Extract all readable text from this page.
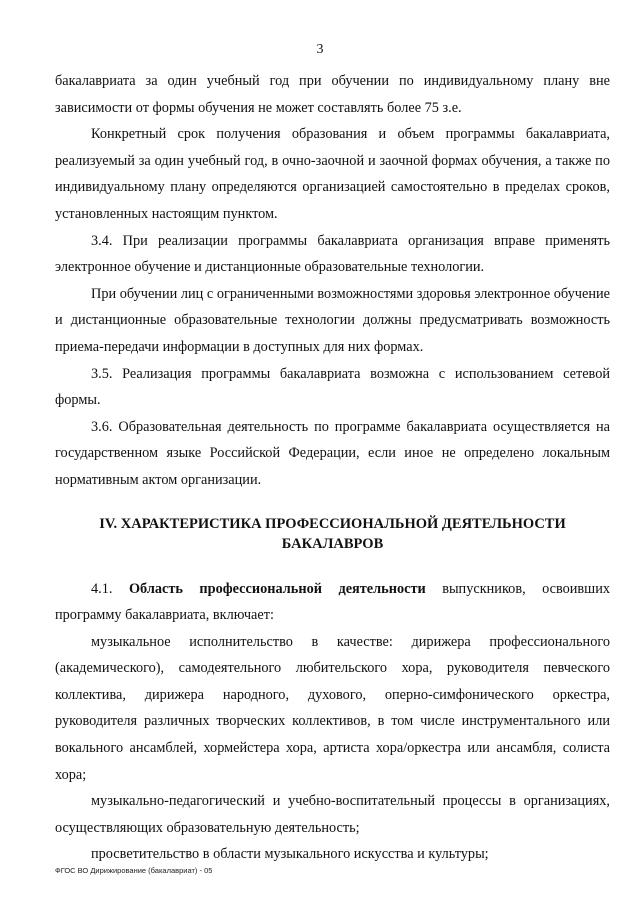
3

бакалавриата за один учебный год при обучении по индивидуальному плану вне зависимости от формы обучения не может составлять более 75 з.е.

Конкретный срок получения образования и объем программы бакалавриата, реализуемый за один учебный год, в очно-заочной и заочной формах обучения, а также по индивидуальному плану определяются организацией самостоятельно в пределах сроков, установленных настоящим пунктом.

3.4. При реализации программы бакалавриата организация вправе применять электронное обучение и дистанционные образовательные технологии.

При обучении лиц с ограниченными возможностями здоровья электронное обучение и дистанционные образовательные технологии должны предусматривать возможность приема-передачи информации в доступных для них формах.

3.5. Реализация программы бакалавриата возможна с использованием сетевой формы.

3.6. Образовательная деятельность по программе бакалавриата осуществляется на государственном языке Российской Федерации, если иное не определено локальным нормативным актом организации.

IV. ХАРАКТЕРИСТИКА ПРОФЕССИОНАЛЬНОЙ ДЕЯТЕЛЬНОСТИ БАКАЛАВРОВ

4.1. Область профессиональной деятельности выпускников, освоивших программу бакалавриата, включает:

музыкальное исполнительство в качестве: дирижера профессионального (академического), самодеятельного любительского хора, руководителя певческого коллектива, дирижера народного, духового, оперно-симфонического оркестра, руководителя различных творческих коллективов, в том числе инструментального или вокального ансамблей, хормейстера хора, артиста хора/оркестра или ансамбля, солиста хора;

музыкально-педагогический и учебно-воспитательный процессы в организациях, осуществляющих образовательную деятельность;

просветительство в области музыкального искусства и культуры;

ФГОС ВО Дирижирование (бакалавриат) - 05
